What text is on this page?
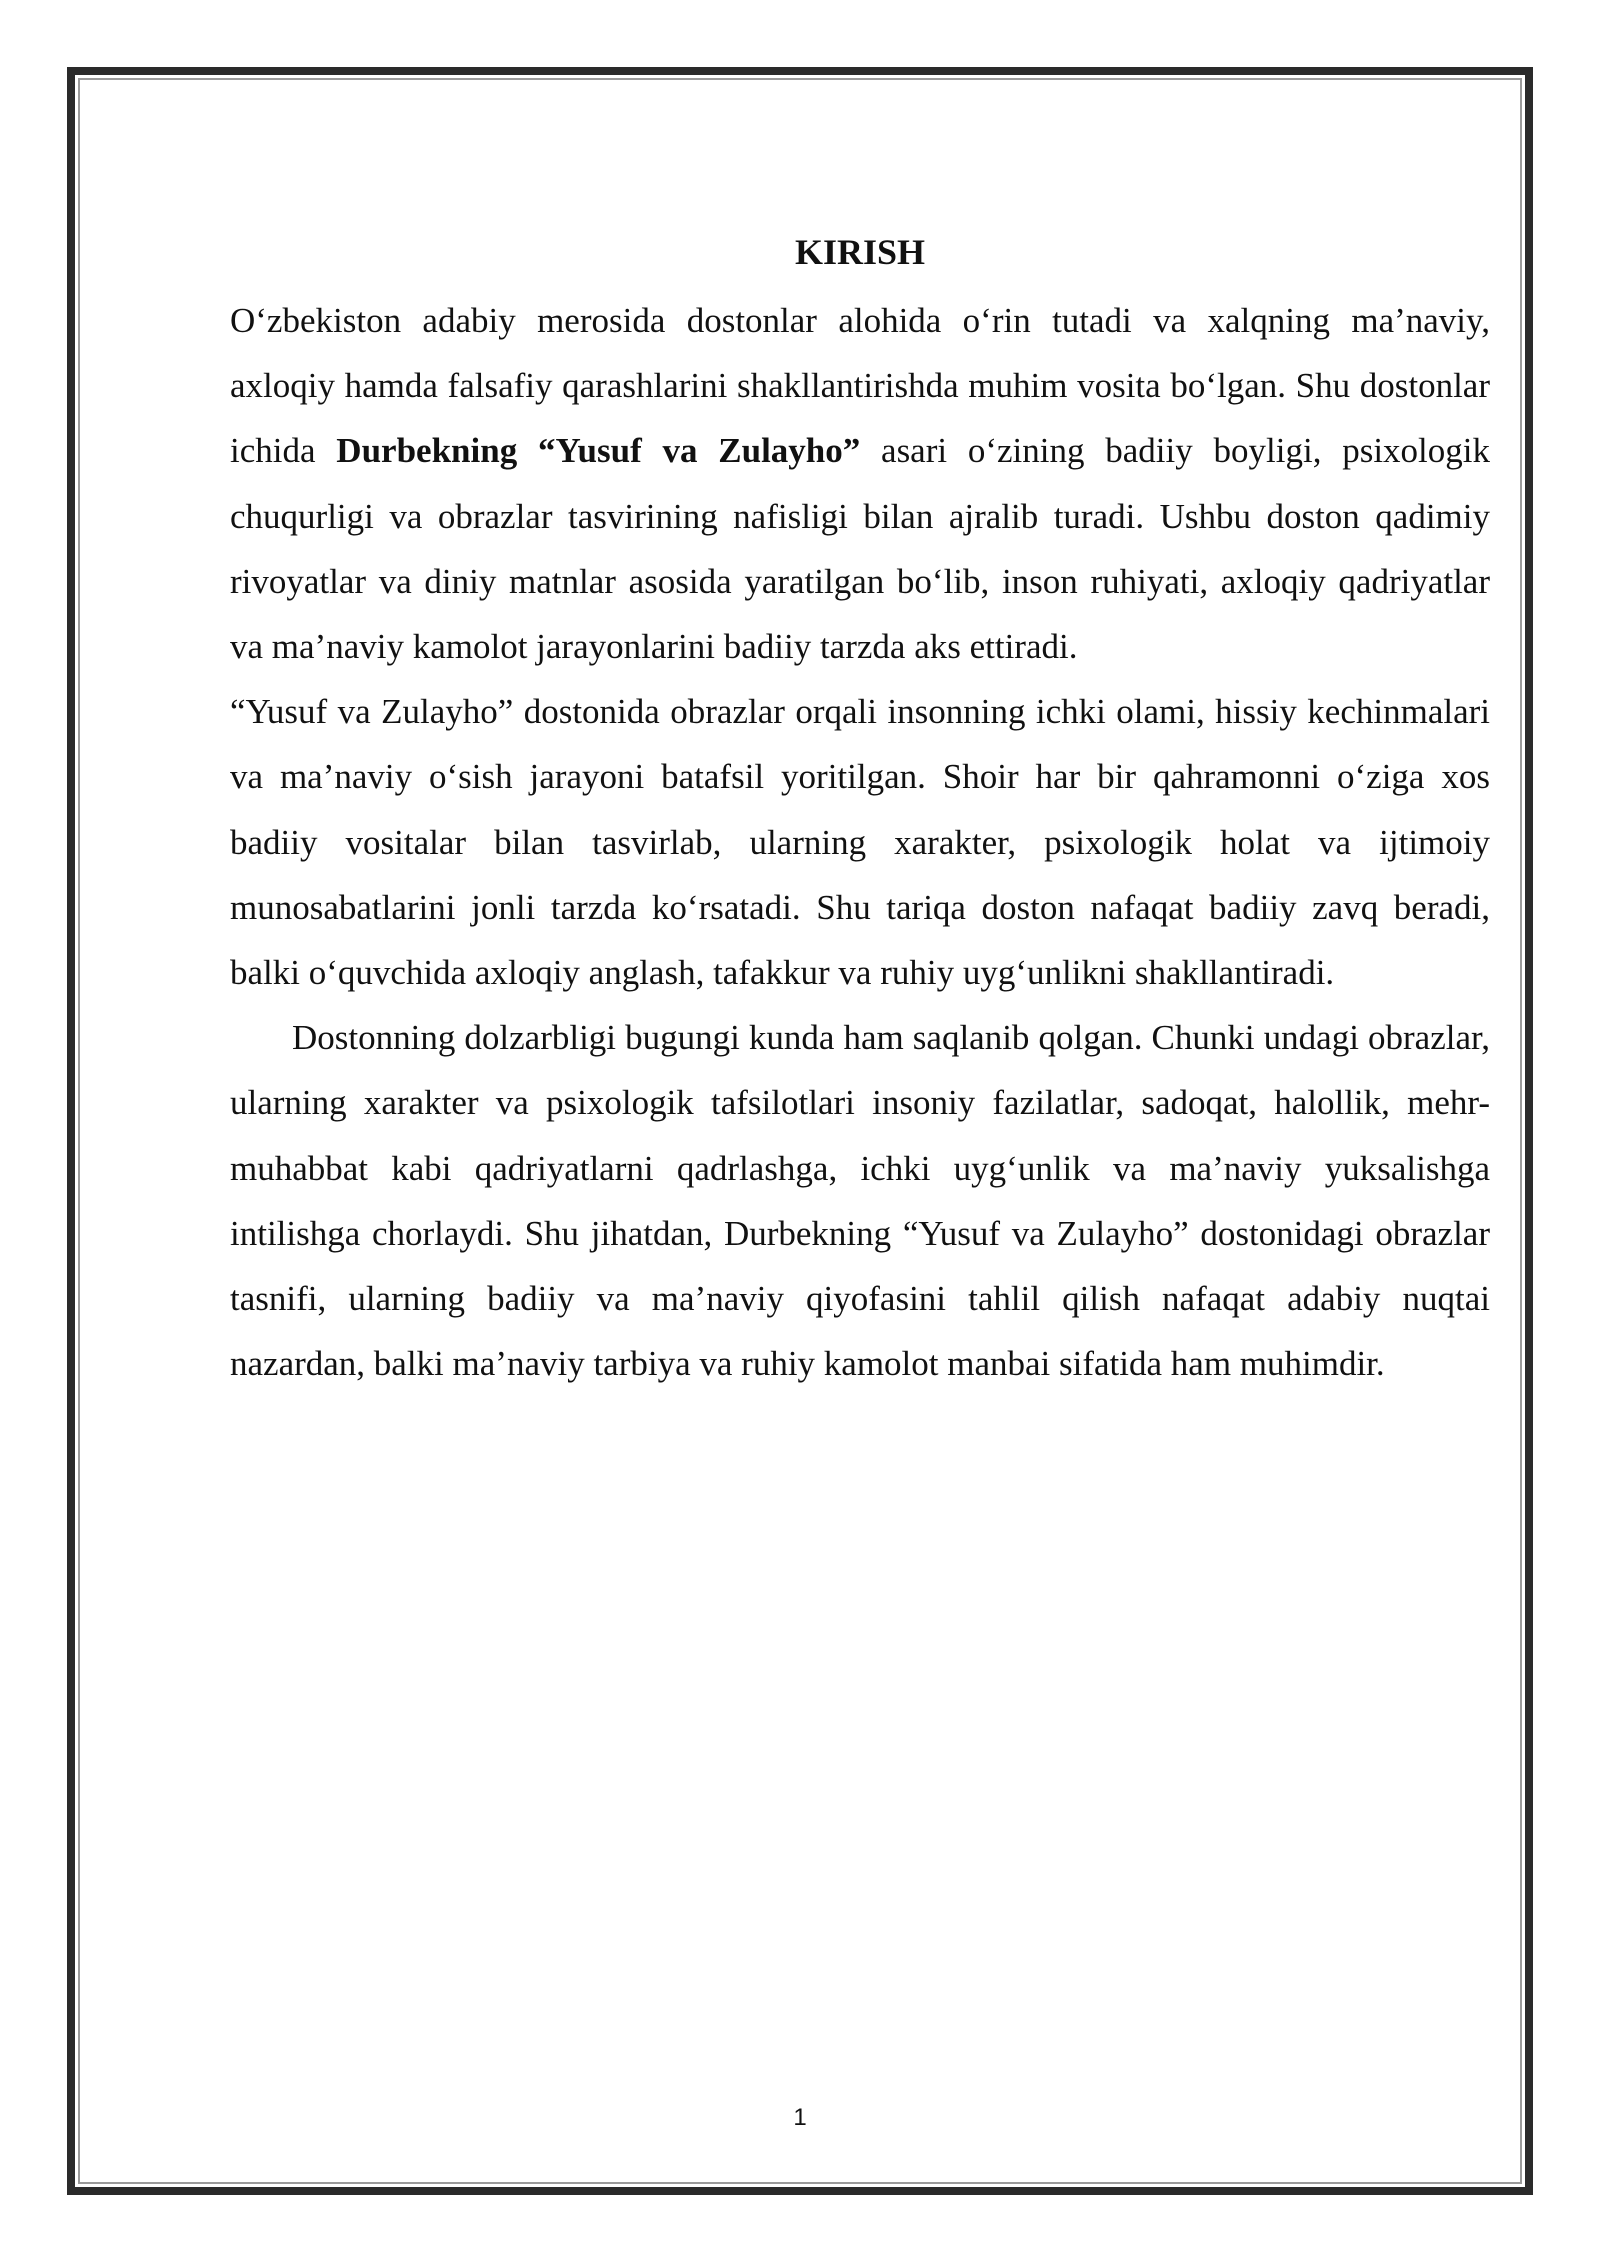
KIRISH

O‘zbekiston adabiy merosida dostonlar alohida o‘rin tutadi va xalqning ma’naviy, axloqiy hamda falsafiy qarashlarini shakllantirishda muhim vosita bo‘lgan. Shu dostonlar ichida Durbekning “Yusuf va Zulayho” asari o‘zining badiiy boyligi, psixologik chuqurligi va obrazlar tasvirining nafisligi bilan ajralib turadi. Ushbu doston qadimiy rivoyatlar va diniy matnlar asosida yaratilgan bo‘lib, inson ruhiyati, axloqiy qadriyatlar va ma’naviy kamolot jarayonlarini badiiy tarzda aks ettiradi.

“Yusuf va Zulayho” dostonida obrazlar orqali insonning ichki olami, hissiy kechinmalari va ma’naviy o‘sish jarayoni batafsil yoritilgan. Shoir har bir qahramonni o‘ziga xos badiiy vositalar bilan tasvirlab, ularning xarakter, psixologik holat va ijtimoiy munosabatlarini jonli tarzda ko‘rsatadi. Shu tariqa doston nafaqat badiiy zavq beradi, balki o‘quvchida axloqiy anglash, tafakkur va ruhiy uyg‘unlikni shakllantiradi.

Dostonning dolzarbligi bugungi kunda ham saqlanib qolgan. Chunki undagi obrazlar, ularning xarakter va psixologik tafsilotlari insoniy fazilatlar, sadoqat, halollik, mehr-muhabbat kabi qadriyatlarni qadrlashga, ichki uyg‘unlik va ma’naviy yuksalishga intilishga chorlaydi. Shu jihatdan, Durbekning “Yusuf va Zulayho” dostonidagi obrazlar tasnifi, ularning badiiy va ma’naviy qiyofasini tahlil qilish nafaqat adabiy nuqtai nazardan, balki ma’naviy tarbiya va ruhiy kamolot manbai sifatida ham muhimdir.

1
